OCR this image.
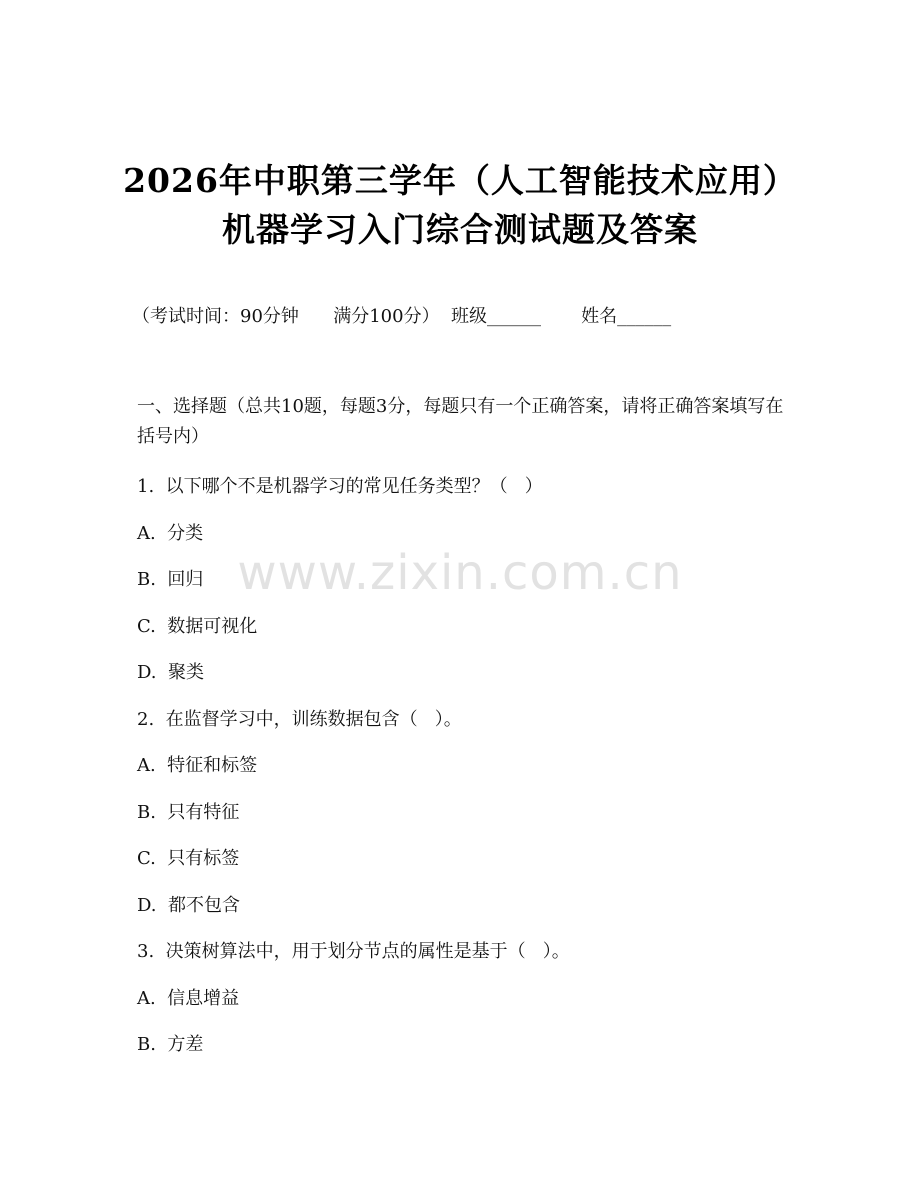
2026年中职第三学年（人工智能技术应用）
机器学习入门综合测试题及答案
（考试时间：90分钟      满分100分）  班级______       姓名______
一、选择题（总共10题，每题3分，每题只有一个正确答案，请将正确答案填写在括号内）
1.  以下哪个不是机器学习的常见任务类型？（   ）
A.  分类
B.  回归
C.  数据可视化
D.  聚类
2.  在监督学习中，训练数据包含（   ）。
A.  特征和标签
B.  只有特征
C.  只有标签
D.  都不包含
3.  决策树算法中，用于划分节点的属性是基于（   ）。
A.  信息增益
B.  方差
www.zixin.com.cn
